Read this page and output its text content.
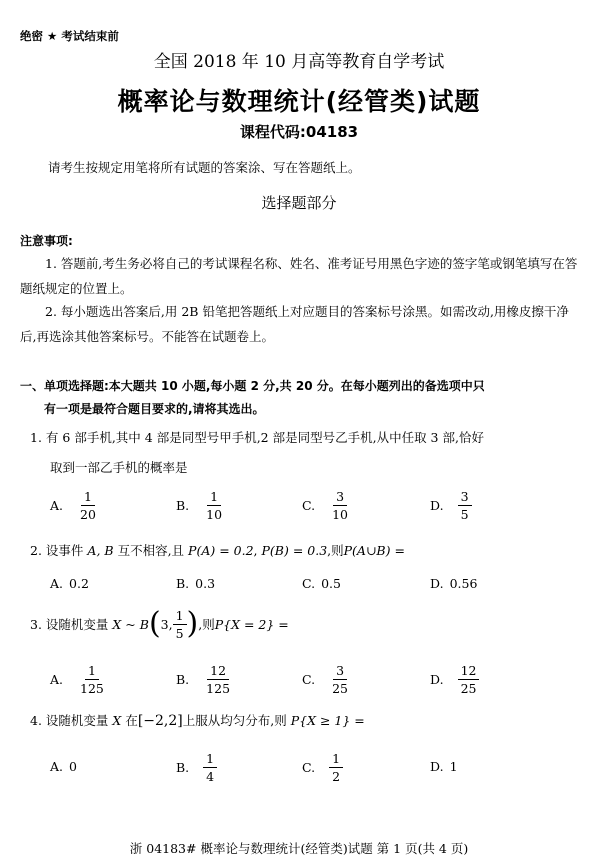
绝密 ★ 考试结束前
全国 2018 年 10 月高等教育自学考试
概率论与数理统计(经管类)试题
课程代码:04183
请考生按规定用笔将所有试题的答案涂、写在答题纸上。
选择题部分
注意事项:
1. 答题前,考生务必将自己的考试课程名称、姓名、准考证号用黑色字迹的签字笔或钢笔填写在答题纸规定的位置上。
2. 每小题选出答案后,用 2B 铅笔把答题纸上对应题目的答案标号涂黑。如需改动,用橡皮擦干净后,再选涂其他答案标号。不能答在试题卷上。
一、单项选择题:本大题共 10 小题,每小题 2 分,共 20 分。在每小题列出的备选项中只
有一项是最符合题目要求的,请将其选出。
1. 有 6 部手机,其中 4 部是同型号甲手机,2 部是同型号乙手机,从中任取 3 部,恰好
取到一部乙手机的概率是
A. $\frac{1}{20}$	B. $\frac{1}{10}$	C. $\frac{3}{10}$	D. $\frac{3}{5}$
2. 设事件 A, B 互不相容,且 P(A) = 0.2, P(B) = 0.3,则P(A∪B) =
A. 0.2	B. 0.3	C. 0.5	D. 0.56
3.
设随机变量
X ~ B ( 3, $\frac{1}{5}$ ) ,则 P{X = 2} =
A. $\frac{1}{125}$	B. $\frac{12}{125}$	C. $\frac{3}{25}$	D. $\frac{12}{25}$
4. 设随机变量 X 在[−2,2]上服从均匀分布,则 P{X ≥ 1} =
A. 0	B. $\frac{1}{4}$	C. $\frac{1}{2}$	D. 1
浙 04183# 概率论与数理统计(经管类)试题 第 1 页(共 4 页)
